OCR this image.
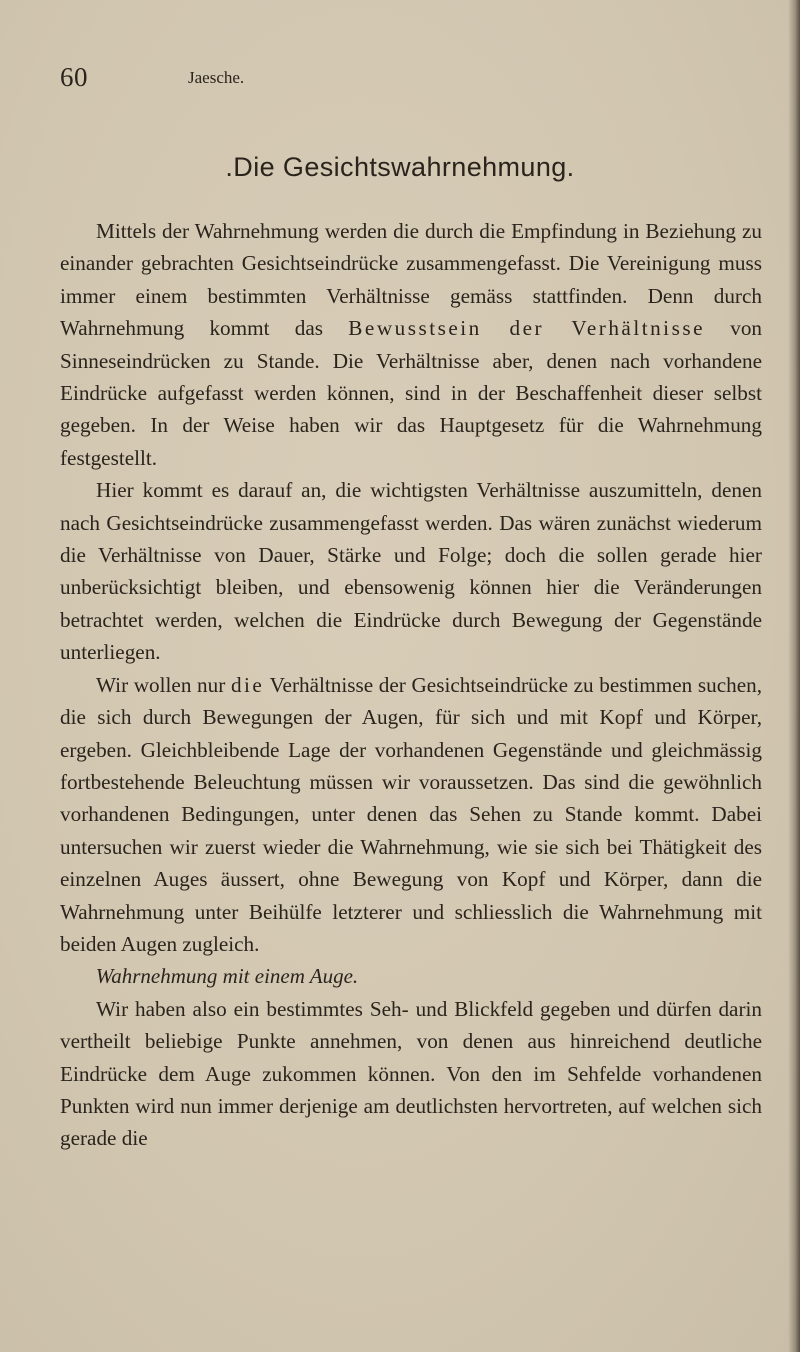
60	Jaesche.
.Die Gesichtswahrnehmung.

Mittels der Wahrnehmung werden die durch die Empfindung in Beziehung zu einander gebrachten Gesichtseindrücke zusammengefasst. Die Vereinigung muss immer einem bestimmten Verhältnisse gemäss stattfinden. Denn durch Wahrnehmung kommt das Bewusstsein der Verhältnisse von Sinneseindrücken zu Stande. Die Verhältnisse aber, denen nach vorhandene Eindrücke aufgefasst werden können, sind in der Beschaffenheit dieser selbst gegeben. In der Weise haben wir das Hauptgesetz für die Wahrnehmung festgestellt.

Hier kommt es darauf an, die wichtigsten Verhältnisse auszumitteln, denen nach Gesichtseindrücke zusammengefasst werden. Das wären zunächst wiederum die Verhältnisse von Dauer, Stärke und Folge; doch die sollen gerade hier unberücksichtigt bleiben, und ebensowenig können hier die Veränderungen betrachtet werden, welchen die Eindrücke durch Bewegung der Gegenstände unterliegen.

Wir wollen nur die Verhältnisse der Gesichtseindrücke zu bestimmen suchen, die sich durch Bewegungen der Augen, für sich und mit Kopf und Körper, ergeben. Gleichbleibende Lage der vorhandenen Gegenstände und gleichmässig fortbestehende Beleuchtung müssen wir voraussetzen. Das sind die gewöhnlich vorhandenen Bedingungen, unter denen das Sehen zu Stande kommt. Dabei untersuchen wir zuerst wieder die Wahrnehmung, wie sie sich bei Thätigkeit des einzelnen Auges äussert, ohne Bewegung von Kopf und Körper, dann die Wahrnehmung unter Beihülfe letzterer und schliesslich die Wahrnehmung mit beiden Augen zugleich.

Wahrnehmung mit einem Auge.

Wir haben also ein bestimmtes Seh- und Blickfeld gegeben und dürfen darin vertheilt beliebige Punkte annehmen, von denen aus hinreichend deutliche Eindrücke dem Auge zukommen können. Von den im Sehfelde vorhandenen Punkten wird nun immer derjenige am deutlichsten hervortreten, auf welchen sich gerade die
